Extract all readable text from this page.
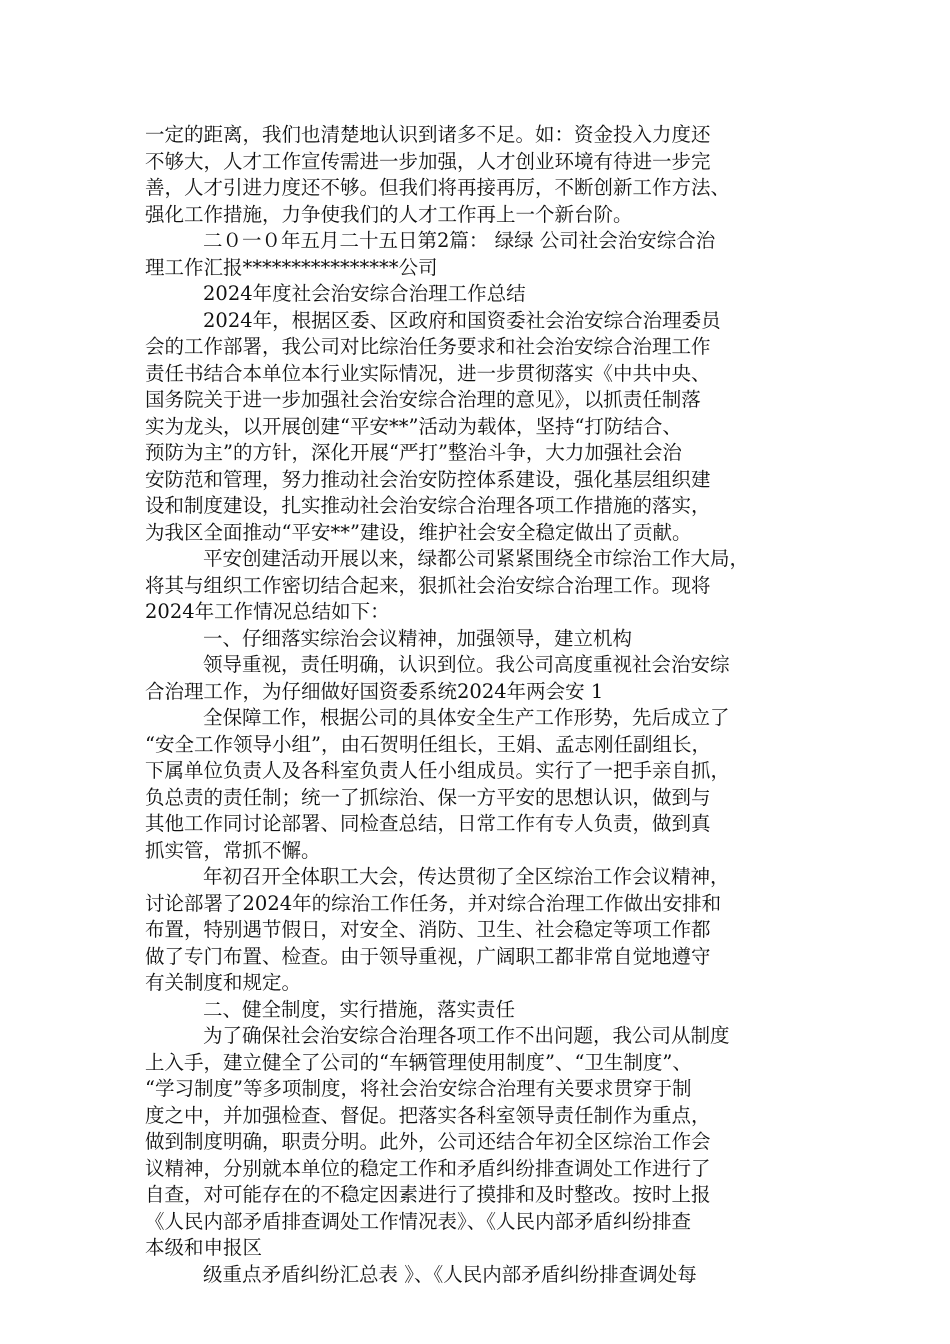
一定的距离，我们也清楚地认识到诸多不足。如：资金投入力度还
不够大，人才工作宣传需进一步加强，人才创业环境有待进一步完
善，人才引进力度还不够。但我们将再接再厉，不断创新工作方法、
强化工作措施，力争使我们的人才工作再上一个新台阶。
二０一０年五月二十五日第2篇： 绿绿 公司社会治安综合治
理工作汇报****************公司
2024年度社会治安综合治理工作总结
2024年，根据区委、区政府和国资委社会治安综合治理委员
会的工作部署，我公司对比综治任务要求和社会治安综合治理工作
责任书结合本单位本行业实际情况，进一步贯彻落实《中共中央、
国务院关于进一步加强社会治安综合治理的意见》，以抓责任制落
实为龙头，以开展创建“平安**”活动为载体，坚持“打防结合、
预防为主”的方针，深化开展“严打”整治斗争，大力加强社会治
安防范和管理，努力推动社会治安防控体系建设，强化基层组织建
设和制度建设，扎实推动社会治安综合治理各项工作措施的落实，
为我区全面推动“平安**”建设，维护社会安全稳定做出了贡献。
平安创建活动开展以来，绿都公司紧紧围绕全市综治工作大局，
将其与组织工作密切结合起来，狠抓社会治安综合治理工作。现将
2024年工作情况总结如下：
一、仔细落实综治会议精神，加强领导，建立机构
领导重视，责任明确，认识到位。我公司高度重视社会治安综
合治理工作，为仔细做好国资委系统2024年两会安 1
全保障工作，根据公司的具体安全生产工作形势，先后成立了
“安全工作领导小组”，由石贺明任组长，王娟、孟志刚任副组长，
下属单位负责人及各科室负责人任小组成员。实行了一把手亲自抓，
负总责的责任制；统一了抓综治、保一方平安的思想认识，做到与
其他工作同讨论部署、同检查总结，日常工作有专人负责，做到真
抓实管，常抓不懈。
年初召开全体职工大会，传达贯彻了全区综治工作会议精神，
讨论部署了2024年的综治工作任务，并对综合治理工作做出安排和
布置，特别遇节假日，对安全、消防、卫生、社会稳定等项工作都
做了专门布置、检查。由于领导重视，广阔职工都非常自觉地遵守
有关制度和规定。
二、健全制度，实行措施，落实责任
为了确保社会治安综合治理各项工作不出问题，我公司从制度
上入手，建立健全了公司的“车辆管理使用制度”、“卫生制度”、
“学习制度”等多项制度，将社会治安综合治理有关要求贯穿于制
度之中，并加强检查、督促。把落实各科室领导责任制作为重点，
做到制度明确，职责分明。此外，公司还结合年初全区综治工作会
议精神，分别就本单位的稳定工作和矛盾纠纷排查调处工作进行了
自查，对可能存在的不稳定因素进行了摸排和及时整改。按时上报
《人民内部矛盾排查调处工作情况表》、《人民内部矛盾纠纷排查
本级和申报区
级重点矛盾纠纷汇总表 》、《人民内部矛盾纠纷排查调处每
